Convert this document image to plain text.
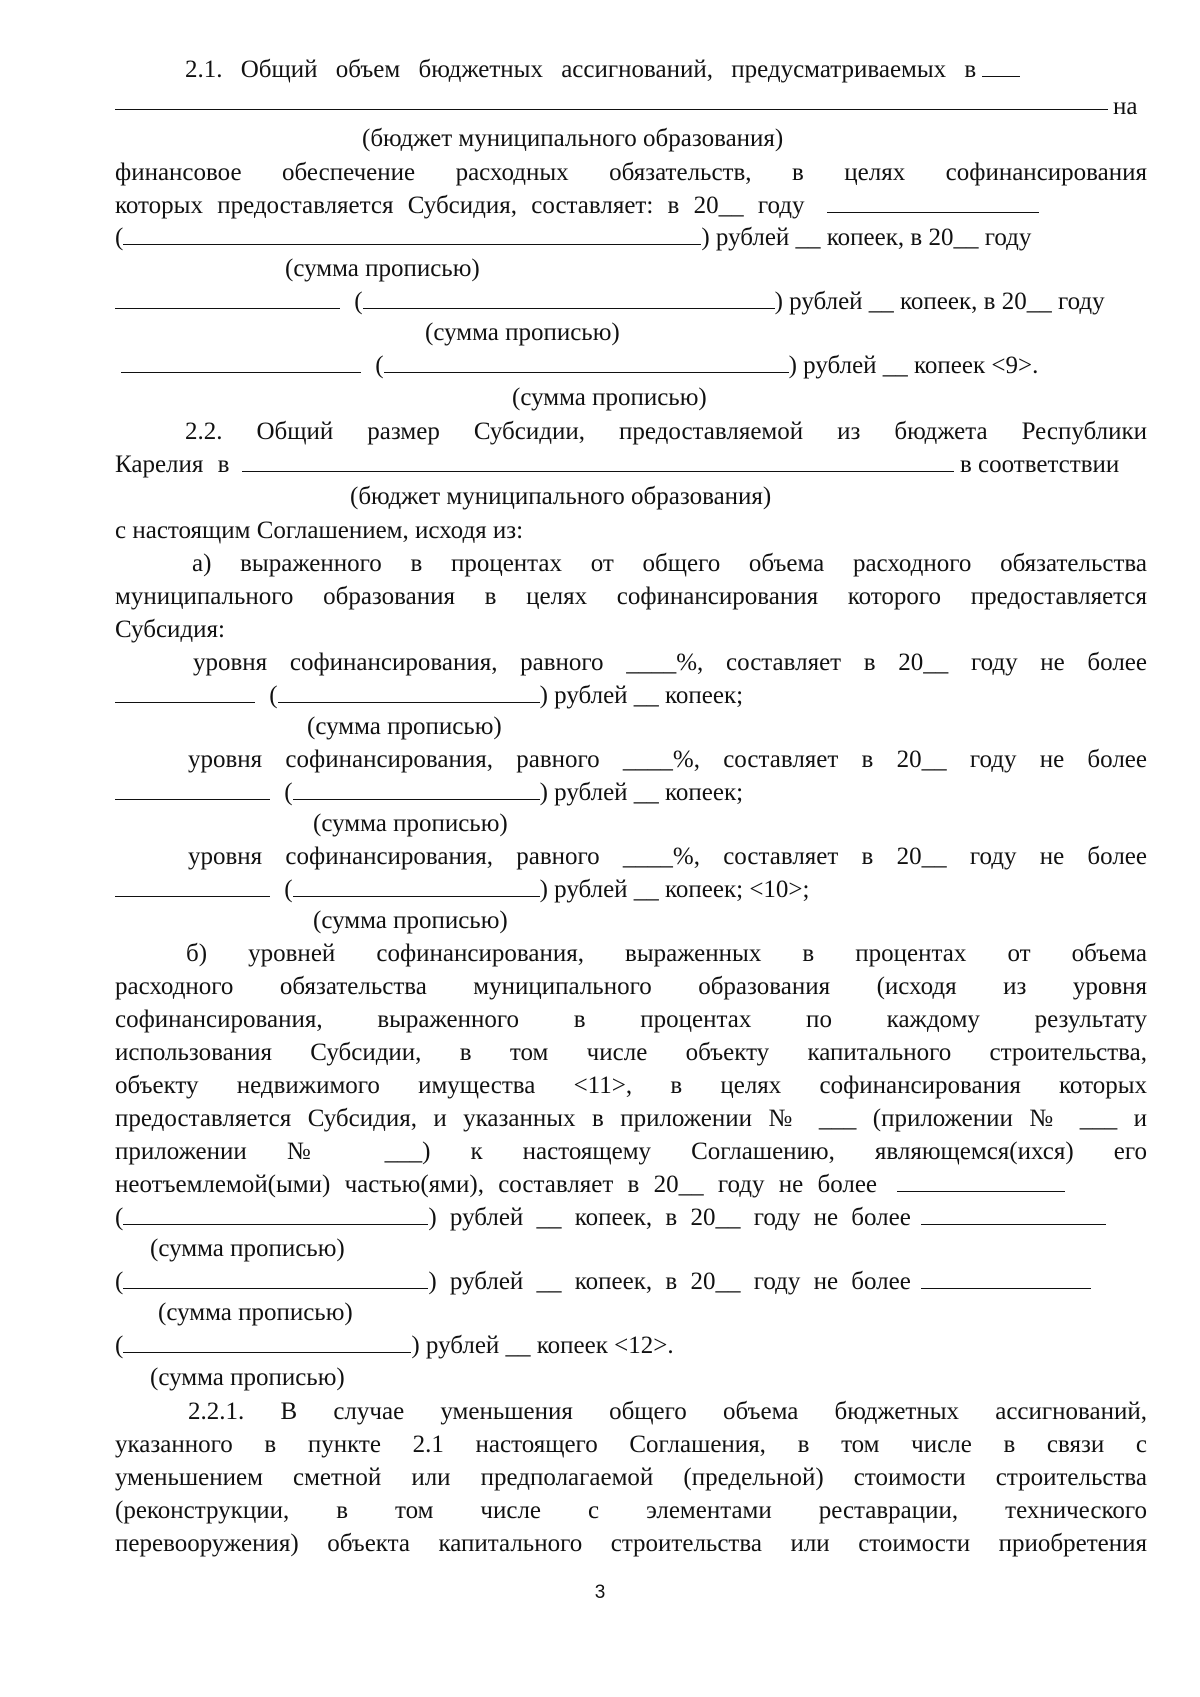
2.1. Общий объем бюджетных ассигнований, предусматриваемых в
на
(бюджет муниципального образования)
финансовое обеспечение расходных обязательств, в целях софинансирования
которых предоставляется Субсидия, составляет: в 20__ году
(	) рублей __ копеек, в 20__ году
(сумма прописью)
(	) рублей __ копеек, в 20__ году
(сумма прописью)
(	) рублей __ копеек <9>.
(сумма прописью)
2.2. Общий размер Субсидии, предоставляемой из бюджета Республики
Карелия в	в соответствии
(бюджет муниципального образования)
с настоящим Соглашением, исходя из:
а) выраженного в процентах от общего объема расходного обязательства
муниципального образования в целях софинансирования которого предоставляется
Субсидия:
уровня софинансирования, равного ____%, составляет в 20__ году не более
(	) рублей __ копеек;
(сумма прописью)
уровня софинансирования, равного ____%, составляет в 20__ году не более
(	) рублей __ копеек;
(сумма прописью)
уровня софинансирования, равного ____%, составляет в 20__ году не более
(	) рублей __ копеек; <10>;
(сумма прописью)
б) уровней софинансирования, выраженных в процентах от объема
расходного обязательства муниципального образования (исходя из уровня
софинансирования, выраженного в процентах по каждому результату
использования Субсидии, в том числе объекту капитального строительства,
объекту недвижимого имущества <11>, в целях софинансирования которых
предоставляется Субсидия, и указанных в приложении № ___ (приложении № ___ и
приложении № ___) к настоящему Соглашению, являющемся(ихся) его
неотъемлемой(ыми) частью(ями), составляет в 20__ году не более
(	) рублей __ копеек, в 20__ году не более
(сумма прописью)
(	) рублей __ копеек, в 20__ году не более
(сумма прописью)
(	) рублей __ копеек <12>.
(сумма прописью)
2.2.1. В случае уменьшения общего объема бюджетных ассигнований,
указанного в пункте 2.1 настоящего Соглашения, в том числе в связи с
уменьшением сметной или предполагаемой (предельной) стоимости строительства
(реконструкции, в том числе с элементами реставрации, технического
перевооружения) объекта капитального строительства или стоимости приобретения
3
